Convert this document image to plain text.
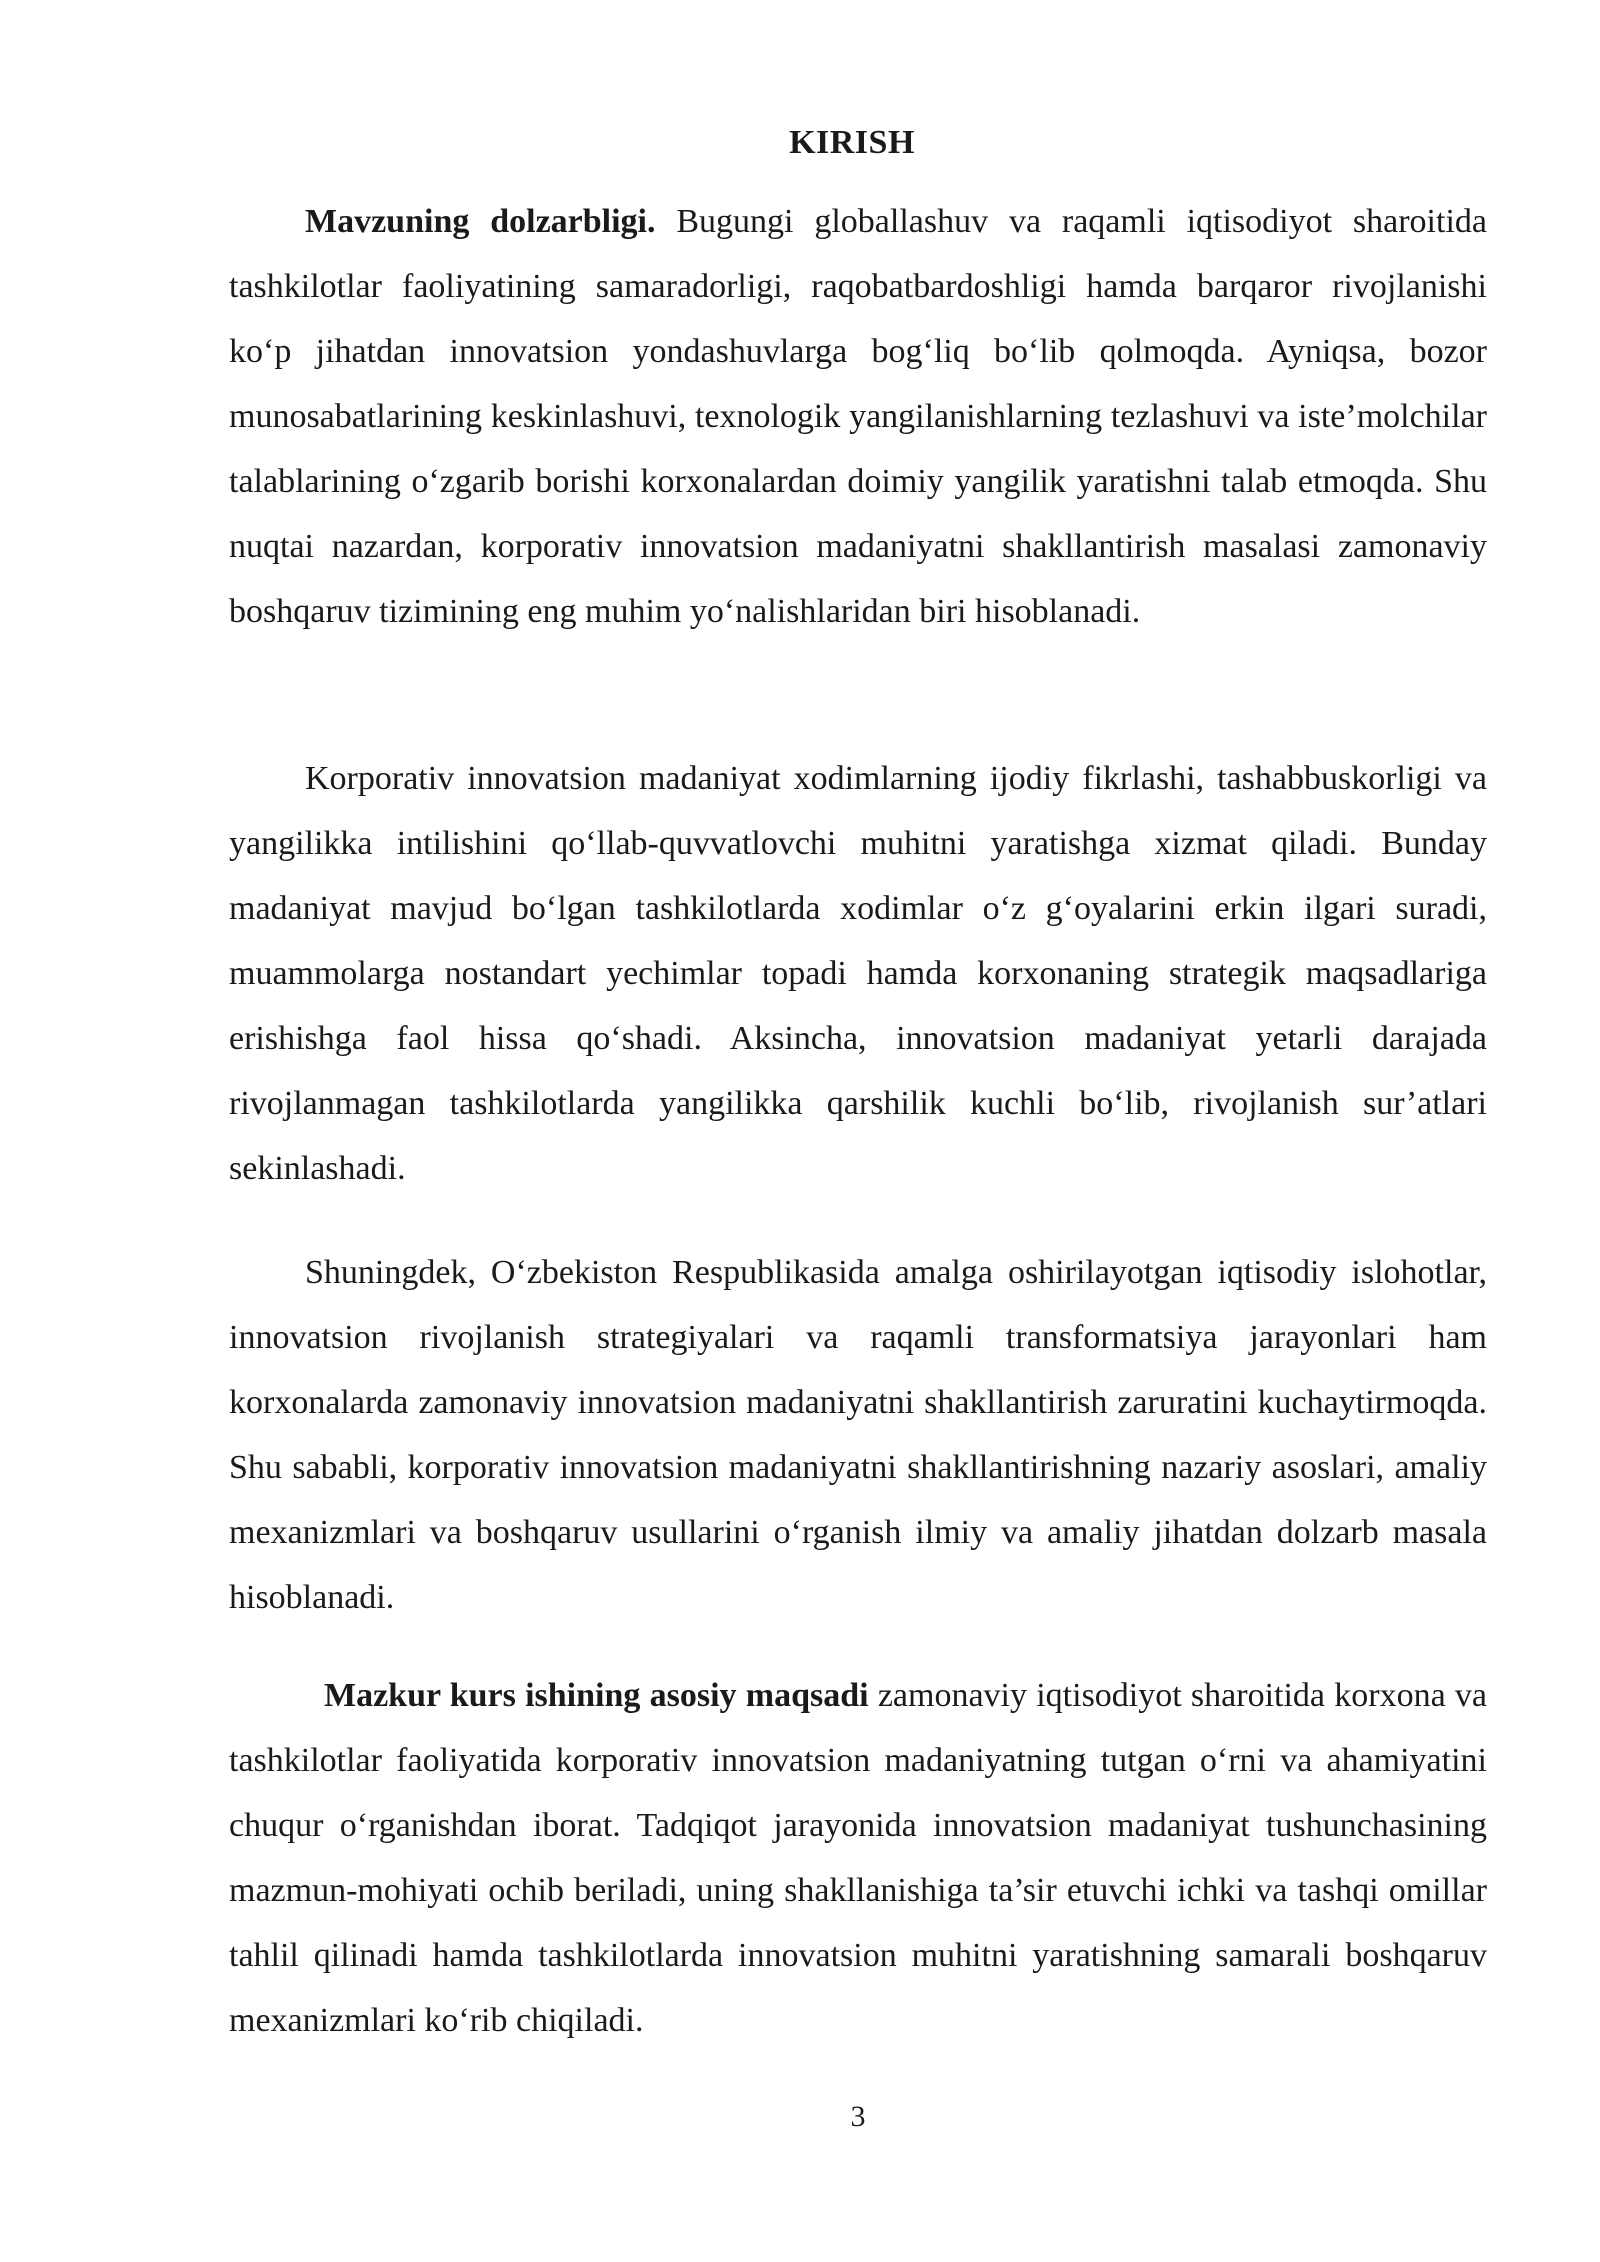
KIRISH

Mavzuning dolzarbligi. Bugungi globallashuv va raqamli iqtisodiyot sharoitida tashkilotlar faoliyatining samaradorligi, raqobatbardoshligi hamda barqaror rivojlanishi ko‘p jihatdan innovatsion yondashuvlarga bog‘liq bo‘lib qolmoqda. Ayniqsa, bozor munosabatlarining keskinlashuvi, texnologik yangilanishlarning tezlashuvi va iste’molchilar talablarining o‘zgarib borishi korxonalardan doimiy yangilik yaratishni talab etmoqda. Shu nuqtai nazardan, korporativ innovatsion madaniyatni shakllantirish masalasi zamonaviy boshqaruv tizimining eng muhim yo‘nalishlaridan biri hisoblanadi.

Korporativ innovatsion madaniyat xodimlarning ijodiy fikrlashi, tashabbuskorligi va yangilikka intilishini qo‘llab-quvvatlovchi muhitni yaratishga xizmat qiladi. Bunday madaniyat mavjud bo‘lgan tashkilotlarda xodimlar o‘z g‘oyalarini erkin ilgari suradi, muammolarga nostandart yechimlar topadi hamda korxonaning strategik maqsadlariga erishishga faol hissa qo‘shadi. Aksincha, innovatsion madaniyat yetarli darajada rivojlanmagan tashkilotlarda yangilikka qarshilik kuchli bo‘lib, rivojlanish sur’atlari sekinlashadi.

Shuningdek, O‘zbekiston Respublikasida amalga oshirilayotgan iqtisodiy islohotlar, innovatsion rivojlanish strategiyalari va raqamli transformatsiya jarayonlari ham korxonalarda zamonaviy innovatsion madaniyatni shakllantirish zaruratini kuchaytirmoqda. Shu sababli, korporativ innovatsion madaniyatni shakllantirishning nazariy asoslari, amaliy mexanizmlari va boshqaruv usullarini o‘rganish ilmiy va amaliy jihatdan dolzarb masala hisoblanadi.

Mazkur kurs ishining asosiy maqsadi zamonaviy iqtisodiyot sharoitida korxona va tashkilotlar faoliyatida korporativ innovatsion madaniyatning tutgan o‘rni va ahamiyatini chuqur o‘rganishdan iborat. Tadqiqot jarayonida innovatsion madaniyat tushunchasining mazmun-mohiyati ochib beriladi, uning shakllanishiga ta’sir etuvchi ichki va tashqi omillar tahlil qilinadi hamda tashkilotlarda innovatsion muhitni yaratishning samarali boshqaruv mexanizmlari ko‘rib chiqiladi.

3
